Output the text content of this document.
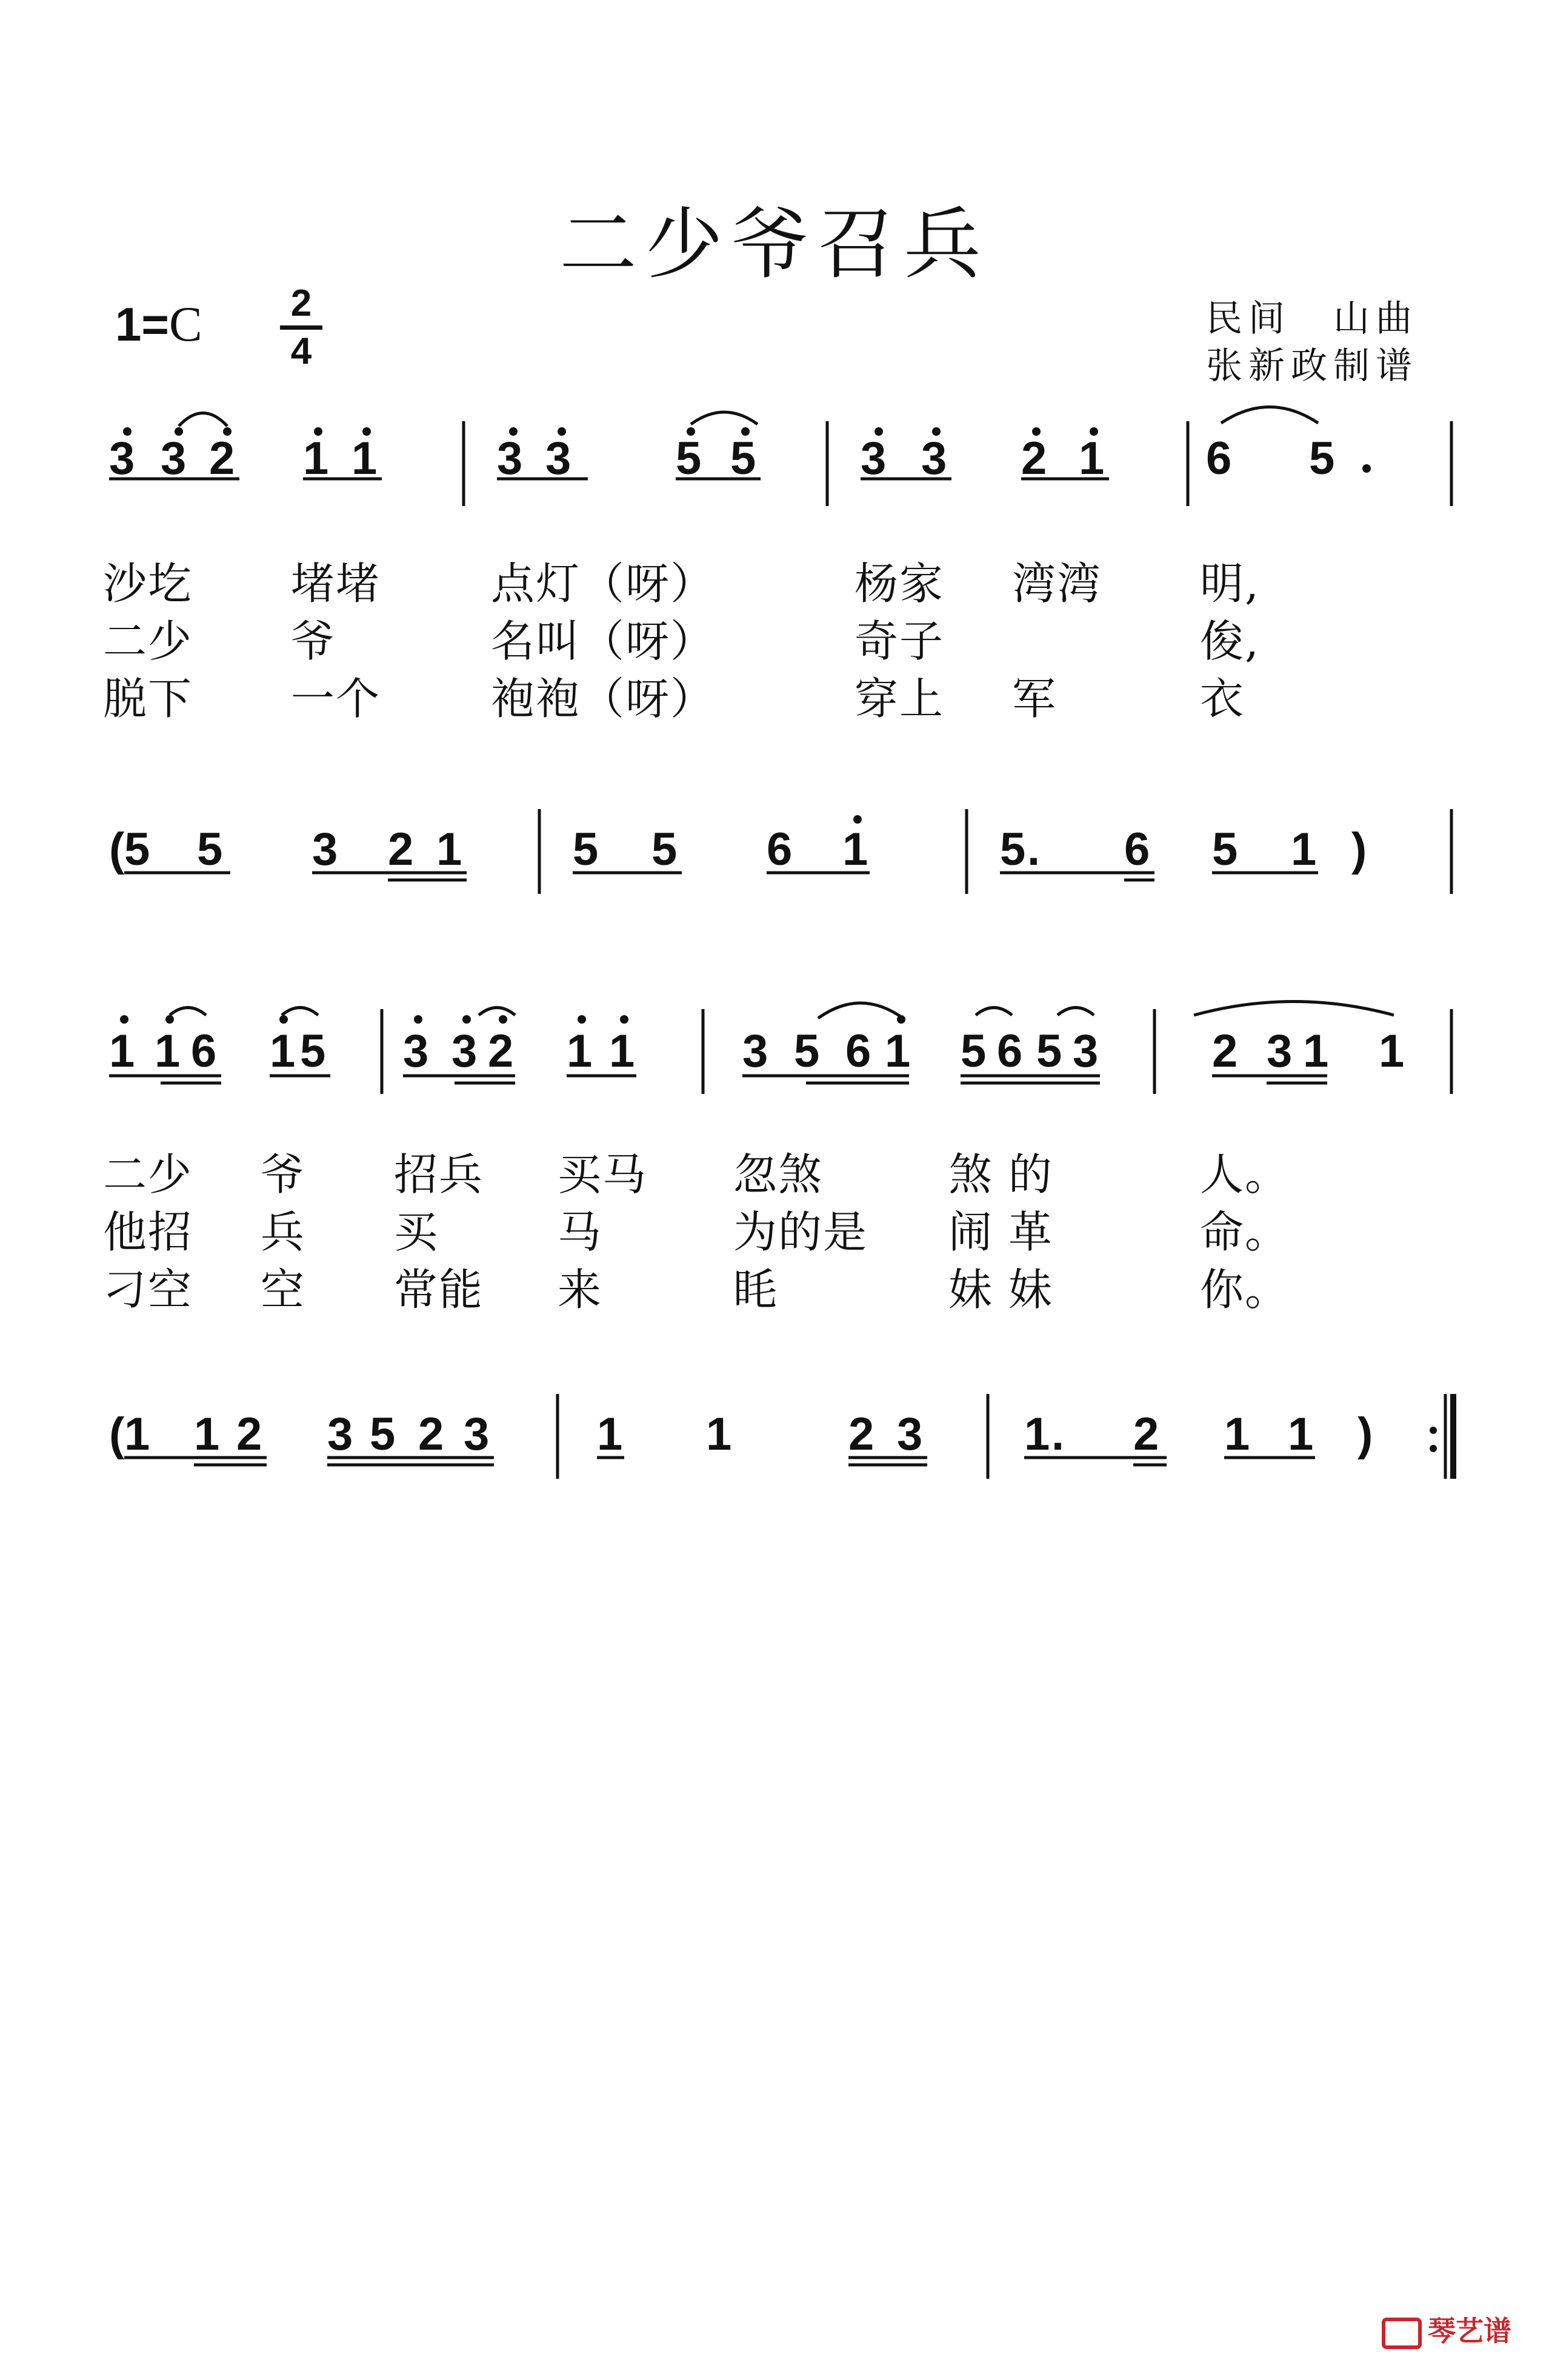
二少爷召兵
1=C 2
4
民间　山曲
张新政制谱
3 3 2 1 1	3 3 5 5 3 3 2 1 6 5
沙圪 堵堵	点灯（呀）	杨家 湾湾 明,
二少 爷	名叫（呀）	奇子	俊,
脱下 一个	袍袍（呀）	穿上 军	衣
( 5 5 3 2 1 5 5 6 1	5 . 6 5 1 )
1 1 6 1 5 3 3 2 1 1 3 5 6 1 5 6 5 3 2 3 1 1
二少 爷 招兵 买马 忽煞	煞 的	人。
他招 兵 买	马	为的是 闹 革	命。
刁空 空 常能 来	眊	妹 妹	你。
( 1 1 2 3 5 2 3 1 1	2 3 1 . 2 1 1 )
琴艺谱
